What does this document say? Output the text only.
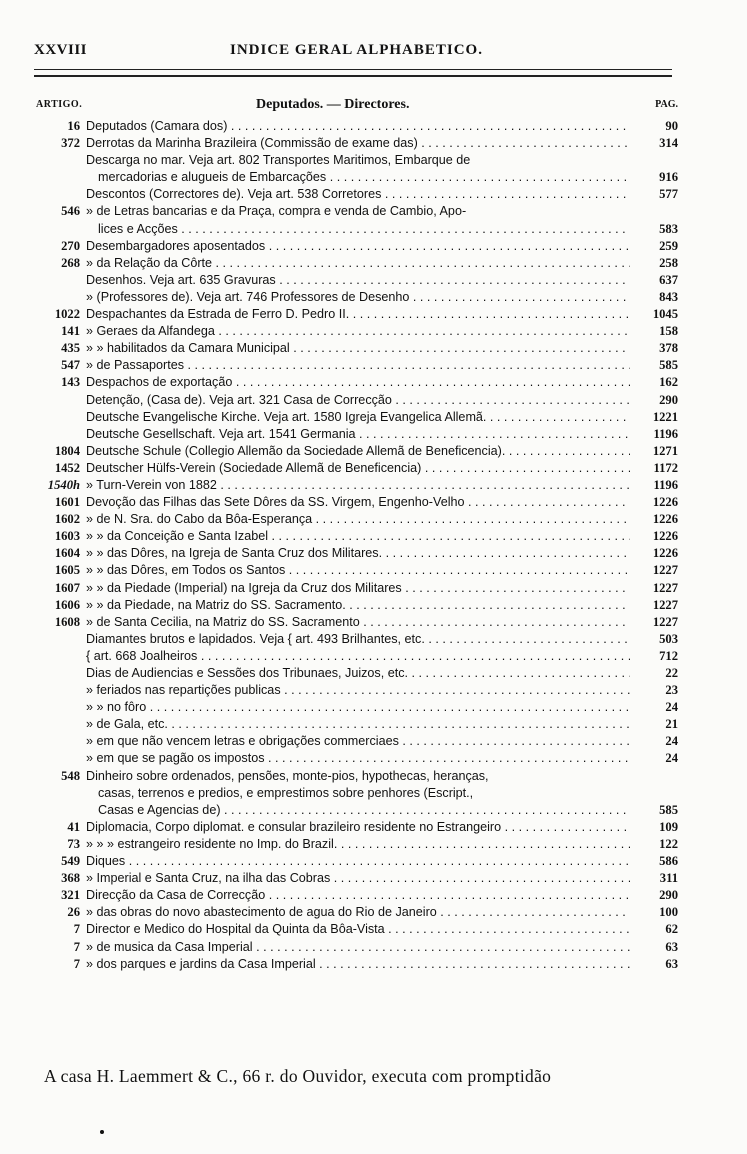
XXVIII	INDICE GERAL ALPHABETICO.
ARTIGO.	Deputados. — Directores.	PAG.
16 Deputados (Camara dos) . . .	90
372 Derrotas da Marinha Brazileira (Commissão de exame das) . . .	314
Descarga no mar. Veja art. 802 Transportes Maritimos, Embarque de
mercadorias e alugueis de Embarcações . . .	916
Descontos (Correctores de). Veja art. 538 Corretores . . .	577
546 » de Letras bancarias e da Praça, compra e venda de Cambio, Apo-
lices e Acções . . .	583
270 Desembargadores aposentados . . .	259
268 » da Relação da Côrte . . .	258
Desenhos. Veja art. 635 Gravuras . . .	637
» (Professores de). Veja art. 746 Professores de Desenho . . .	843
1022 Despachantes da Estrada de Ferro D. Pedro II. . . .	1045
141 » Geraes da Alfandega . . .	158
435 » » habilitados da Camara Municipal . . .	378
547 » de Passaportes . . .	585
143 Despachos de exportação . . .	162
Detenção, (Casa de). Veja art. 321 Casa de Correcção . . .	290
Deutsche Evangelische Kirche. Veja art. 1580 Igreja Evangelica Allemã. . . .	1221
Deutsche Gesellschaft. Veja art. 1541 Germania . . .	1196
1804 Deutsche Schule (Collegio Allemão da Sociedade Allemã de Beneficencia). . . .	1271
1452 Deutscher Hülfs-Verein (Sociedade Allemã de Beneficencia) . . .	1172
1540h » Turn-Verein von 1882 . . .	1196
1601 Devoção das Filhas das Sete Dôres da SS. Virgem, Engenho-Velho . . .	1226
1602 » de N. Sra. do Cabo da Bôa-Esperança . . .	1226
1603 » » da Conceição e Santa Izabel . . .	1226
1604 » » das Dôres, na Igreja de Santa Cruz dos Militares. . . .	1226
1605 » » das Dôres, em Todos os Santos . . .	1227
1607 » » da Piedade (Imperial) na Igreja da Cruz dos Militares . . .	1227
1606 » » da Piedade, na Matriz do SS. Sacramento. . . .	1227
1608 » de Santa Cecilia, na Matriz do SS. Sacramento . . .	1227
Diamantes brutos e lapidados. Veja { art. 493 Brilhantes, etc. . . .	503
{ art. 668 Joalheiros . . .	712
Dias de Audiencias e Sessões dos Tribunaes, Juizos, etc. . . .	22
» feriados nas repartições publicas . . .	23
» » no fôro . . .	24
» de Gala, etc. . . .	21
» em que não vencem letras e obrigações commerciaes . . .	24
» em que se pagão os impostos . . .	24
548 Dinheiro sobre ordenados, pensões, monte-pios, hypothecas, heranças,
casas, terrenos e predios, e emprestimos sobre penhores (Escript.,
Casas e Agencias de) . . .	585
41 Diplomacia, Corpo diplomat. e consular brazileiro residente no Estrangeiro . . .	109
73 » » » estrangeiro residente no Imp. do Brazil. . . .	122
549 Diques . . .	586
368 » Imperial e Santa Cruz, na ilha das Cobras . . .	311
321 Direcção da Casa de Correcção . . .	290
26 » das obras do novo abastecimento de agua do Rio de Janeiro . . .	100
7 Director e Medico do Hospital da Quinta da Bôa-Vista . . .	62
7 » de musica da Casa Imperial . . .	63
7 » dos parques e jardins da Casa Imperial . . .	63
A casa H. Laemmert & C., 66 r. do Ouvidor, executa com promptidão
